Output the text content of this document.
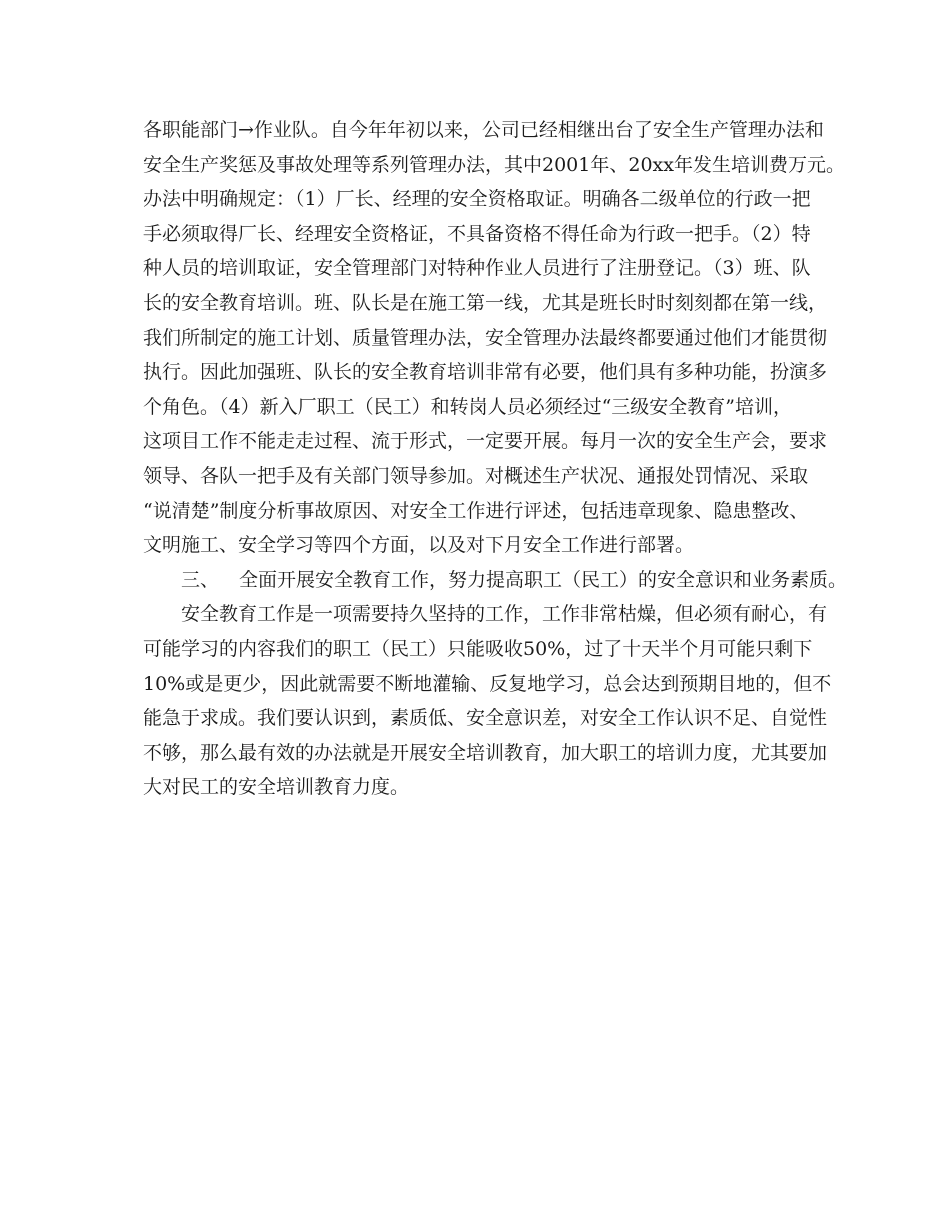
各职能部门→作业队。自今年年初以来，公司已经相继出台了安全生产管理办法和
安全生产奖惩及事故处理等系列管理办法，其中2001年、20xx年发生培训费万元。
办法中明确规定：（1）厂长、经理的安全资格取证。明确各二级单位的行政一把
手必须取得厂长、经理安全资格证，不具备资格不得任命为行政一把手。（2）特
种人员的培训取证，安全管理部门对特种作业人员进行了注册登记。（3）班、队
长的安全教育培训。班、队长是在施工第一线，尤其是班长时时刻刻都在第一线，
我们所制定的施工计划、质量管理办法，安全管理办法最终都要通过他们才能贯彻
执行。因此加强班、队长的安全教育培训非常有必要，他们具有多种功能，扮演多
个角色。（4）新入厂职工（民工）和转岗人员必须经过“三级安全教育”培训，
这项目工作不能走走过程、流于形式，一定要开展。每月一次的安全生产会，要求
领导、各队一把手及有关部门领导参加。对概述生产状况、通报处罚情况、采取
“说清楚”制度分析事故原因、对安全工作进行评述，包括违章现象、隐患整改、
文明施工、安全学习等四个方面，以及对下月安全工作进行部署。
三、 全面开展安全教育工作，努力提高职工（民工）的安全意识和业务素质。
安全教育工作是一项需要持久坚持的工作，工作非常枯燥，但必须有耐心，有
可能学习的内容我们的职工（民工）只能吸收50%，过了十天半个月可能只剩下
10%或是更少，因此就需要不断地灌输、反复地学习，总会达到预期目地的，但不
能急于求成。我们要认识到，素质低、安全意识差，对安全工作认识不足、自觉性
不够，那么最有效的办法就是开展安全培训教育，加大职工的培训力度，尤其要加
大对民工的安全培训教育力度。
